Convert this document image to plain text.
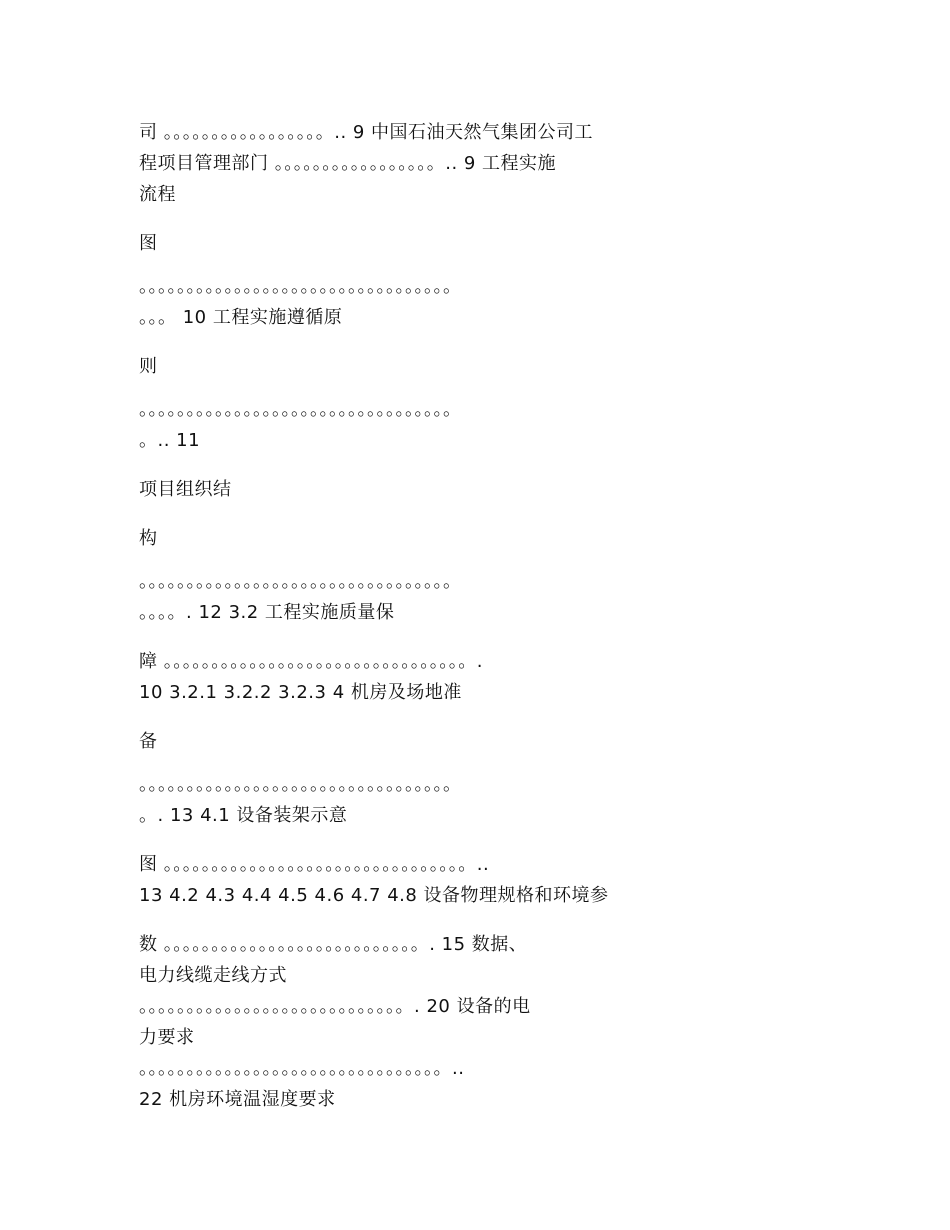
司 。。。。。。。。。。。。。。。。。.. 9 中国石油天然气集团公司工

程项目管理部门 。。。。。。。。。。。。。。。。。.. 9 工程实施

流程

图

。。。。。。。。。。。。。。。。。。。。。。。。。。。。。。。。。

。。。 10 工程实施遵循原

则

。。。。。。。。。。。。。。。。。。。。。。。。。。。。。。。。。

。.. 11

项目组织结

构

。。。。。。。。。。。。。。。。。。。。。。。。。。。。。。。。。

。。。。. 12 3.2 工程实施质量保

障 。。。。。。。。。。。。。。。。。。。。。。。。。。。。。。。。.

10 3.2.1 3.2.2 3.2.3 4 机房及场地准

备

。。。。。。。。。。。。。。。。。。。。。。。。。。。。。。。。。

。. 13 4.1 设备装架示意

图 。。。。。。。。。。。。。。。。。。。。。。。。。。。。。。。。..

13 4.2 4.3 4.4 4.5 4.6 4.7 4.8 设备物理规格和环境参

数 。。。。。。。。。。。。。。。。。。。。。。。。。。。. 15 数据、

电力线缆走线方式

。。。。。。。。。。。。。。。。。。。。。。。。。。。。. 20 设备的电

力要求

。。。。。。。。。。。。。。。。。。。。。。。。。。。。。。。。..

22 机房环境温湿度要求
